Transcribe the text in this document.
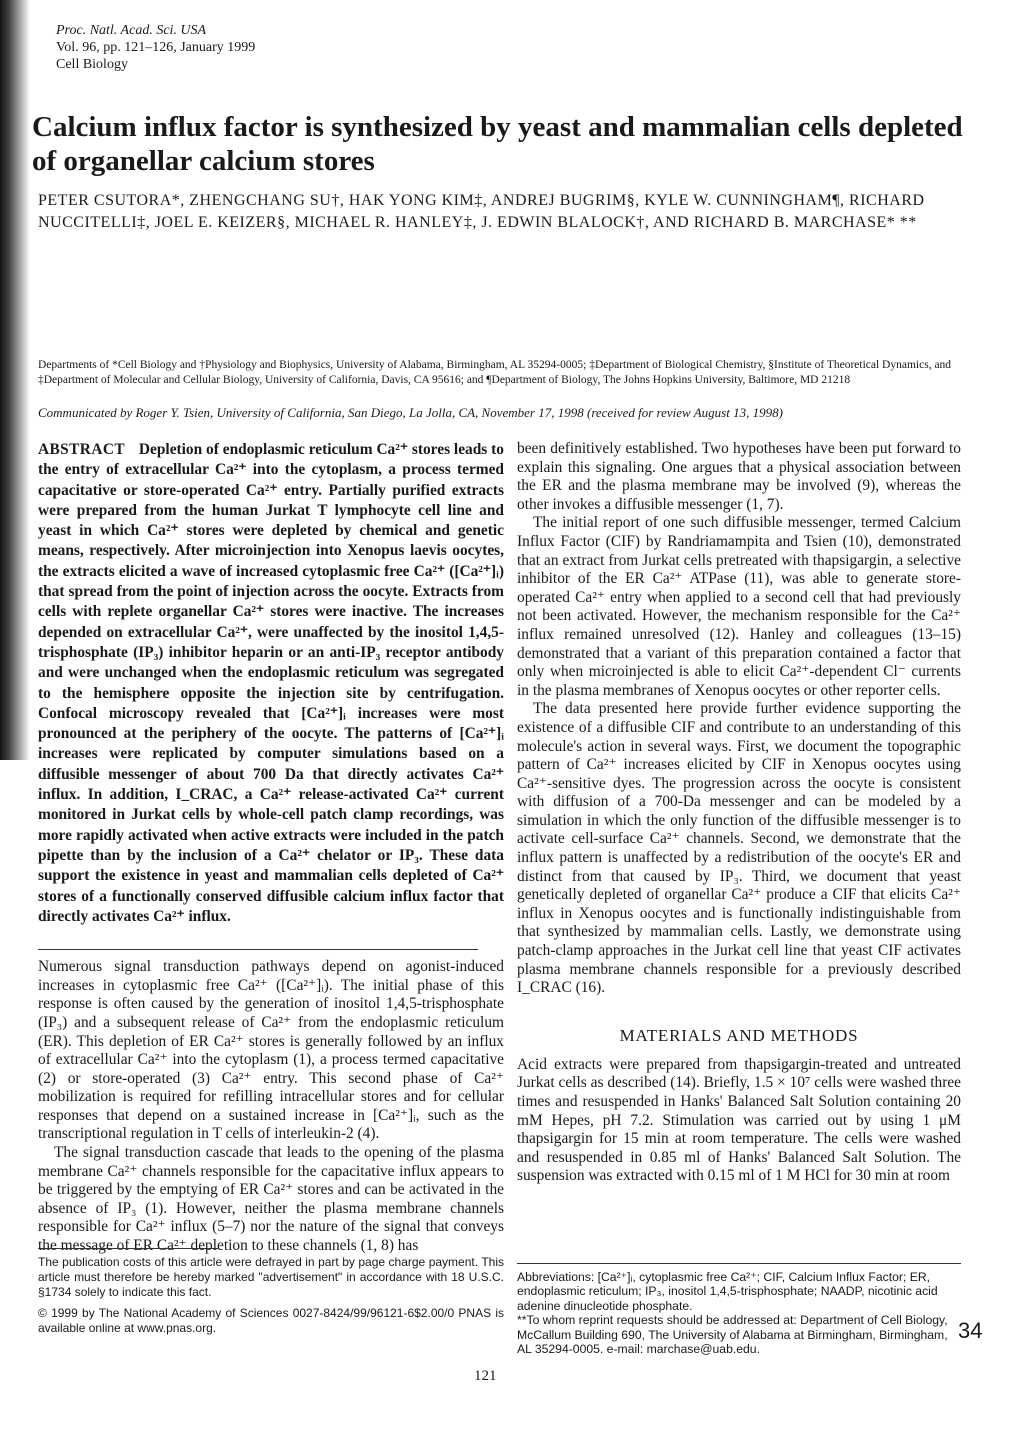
Proc. Natl. Acad. Sci. USA
Vol. 96, pp. 121–126, January 1999
Cell Biology
Calcium influx factor is synthesized by yeast and mammalian cells depleted of organellar calcium stores
PETER CSUTORA*, ZHENGCHANG SU†, HAK YONG KIM‡, ANDREJ BUGRIM§, KYLE W. CUNNINGHAM¶, RICHARD NUCCITELLI‡, JOEL E. KEIZER§, MICHAEL R. HANLEY‡, J. EDWIN BLALOCK†, AND RICHARD B. MARCHASE* **
Departments of *Cell Biology and †Physiology and Biophysics, University of Alabama, Birmingham, AL 35294-0005; ‡Department of Biological Chemistry, §Institute of Theoretical Dynamics, and ‡Department of Molecular and Cellular Biology, University of California, Davis, CA 95616; and ¶Department of Biology, The Johns Hopkins University, Baltimore, MD 21218
Communicated by Roger Y. Tsien, University of California, San Diego, La Jolla, CA, November 17, 1998 (received for review August 13, 1998)

ABSTRACT Depletion of endoplasmic reticulum Ca²⁺ stores leads to the entry of extracellular Ca²⁺ into the cytoplasm, a process termed capacitative or store-operated Ca²⁺ entry. Partially purified extracts were prepared from the human Jurkat T lymphocyte cell line and yeast in which Ca²⁺ stores were depleted by chemical and genetic means, respectively. After microinjection into Xenopus laevis oocytes, the extracts elicited a wave of increased cytoplasmic free Ca²⁺ ([Ca²⁺]ᵢ) that spread from the point of injection across the oocyte. Extracts from cells with replete organellar Ca²⁺ stores were inactive. The increases depended on extracellular Ca²⁺, were unaffected by the inositol 1,4,5-trisphosphate (IP₃) inhibitor heparin or an anti-IP₃ receptor antibody and were unchanged when the endoplasmic reticulum was segregated to the hemisphere opposite the injection site by centrifugation. Confocal microscopy revealed that [Ca²⁺]ᵢ increases were most pronounced at the periphery of the oocyte. The patterns of [Ca²⁺]ᵢ increases were replicated by computer simulations based on a diffusible messenger of about 700 Da that directly activates Ca²⁺ influx. In addition, I_CRAC, a Ca²⁺ release-activated Ca²⁺ current monitored in Jurkat cells by whole-cell patch clamp recordings, was more rapidly activated when active extracts were included in the patch pipette than by the inclusion of a Ca²⁺ chelator or IP₃. These data support the existence in yeast and mammalian cells depleted of Ca²⁺ stores of a functionally conserved diffusible calcium influx factor that directly activates Ca²⁺ influx.

Numerous signal transduction pathways depend on agonist-induced increases in cytoplasmic free Ca²⁺ ([Ca²⁺]ᵢ). The initial phase of this response is often caused by the generation of inositol 1,4,5-trisphosphate (IP₃) and a subsequent release of Ca²⁺ from the endoplasmic reticulum (ER). This depletion of ER Ca²⁺ stores is generally followed by an influx of extracellular Ca²⁺ into the cytoplasm (1), a process termed capacitative (2) or store-operated (3) Ca²⁺ entry. This second phase of Ca²⁺ mobilization is required for refilling intracellular stores and for cellular responses that depend on a sustained increase in [Ca²⁺]ᵢ, such as the transcriptional regulation in T cells of interleukin-2 (4).

The signal transduction cascade that leads to the opening of the plasma membrane Ca²⁺ channels responsible for the capacitative influx appears to be triggered by the emptying of ER Ca²⁺ stores and can be activated in the absence of IP₃ (1). However, neither the plasma membrane channels responsible for Ca²⁺ influx (5–7) nor the nature of the signal that conveys the message of ER Ca²⁺ depletion to these channels (1, 8) has

been definitively established. Two hypotheses have been put forward to explain this signaling. One argues that a physical association between the ER and the plasma membrane may be involved (9), whereas the other invokes a diffusible messenger (1, 7).

The initial report of one such diffusible messenger, termed Calcium Influx Factor (CIF) by Randriamampita and Tsien (10), demonstrated that an extract from Jurkat cells pretreated with thapsigargin, a selective inhibitor of the ER Ca²⁺ ATPase (11), was able to generate store-operated Ca²⁺ entry when applied to a second cell that had previously not been activated. However, the mechanism responsible for the Ca²⁺ influx remained unresolved (12). Hanley and colleagues (13–15) demonstrated that a variant of this preparation contained a factor that only when microinjected is able to elicit Ca²⁺-dependent Cl⁻ currents in the plasma membranes of Xenopus oocytes or other reporter cells.

The data presented here provide further evidence supporting the existence of a diffusible CIF and contribute to an understanding of this molecule's action in several ways. First, we document the topographic pattern of Ca²⁺ increases elicited by CIF in Xenopus oocytes using Ca²⁺-sensitive dyes. The progression across the oocyte is consistent with diffusion of a 700-Da messenger and can be modeled by a simulation in which the only function of the diffusible messenger is to activate cell-surface Ca²⁺ channels. Second, we demonstrate that the influx pattern is unaffected by a redistribution of the oocyte's ER and distinct from that caused by IP₃. Third, we document that yeast genetically depleted of organellar Ca²⁺ produce a CIF that elicits Ca²⁺ influx in Xenopus oocytes and is functionally indistinguishable from that synthesized by mammalian cells. Lastly, we demonstrate using patch-clamp approaches in the Jurkat cell line that yeast CIF activates plasma membrane channels responsible for a previously described I_CRAC (16).

MATERIALS AND METHODS

Acid extracts were prepared from thapsigargin-treated and untreated Jurkat cells as described (14). Briefly, 1.5 × 10⁷ cells were washed three times and resuspended in Hanks' Balanced Salt Solution containing 20 mM Hepes, pH 7.2. Stimulation was carried out by using 1 μM thapsigargin for 15 min at room temperature. The cells were washed and resuspended in 0.85 ml of Hanks' Balanced Salt Solution. The suspension was extracted with 0.15 ml of 1 M HCl for 30 min at room

The publication costs of this article were defrayed in part by page charge payment. This article must therefore be hereby marked "advertisement" in accordance with 18 U.S.C. §1734 solely to indicate this fact.

© 1999 by The National Academy of Sciences 0027-8424/99/96121-6$2.00/0 PNAS is available online at www.pnas.org.

Abbreviations: [Ca²⁺]ᵢ, cytoplasmic free Ca²⁺; CIF, Calcium Influx Factor; ER, endoplasmic reticulum; IP₃, inositol 1,4,5-trisphosphate; NAADP, nicotinic acid adenine dinucleotide phosphate.

**To whom reprint requests should be addressed at: Department of Cell Biology, McCallum Building 690, The University of Alabama at Birmingham, Birmingham, AL 35294-0005. e-mail: marchase@uab.edu.

121
34
